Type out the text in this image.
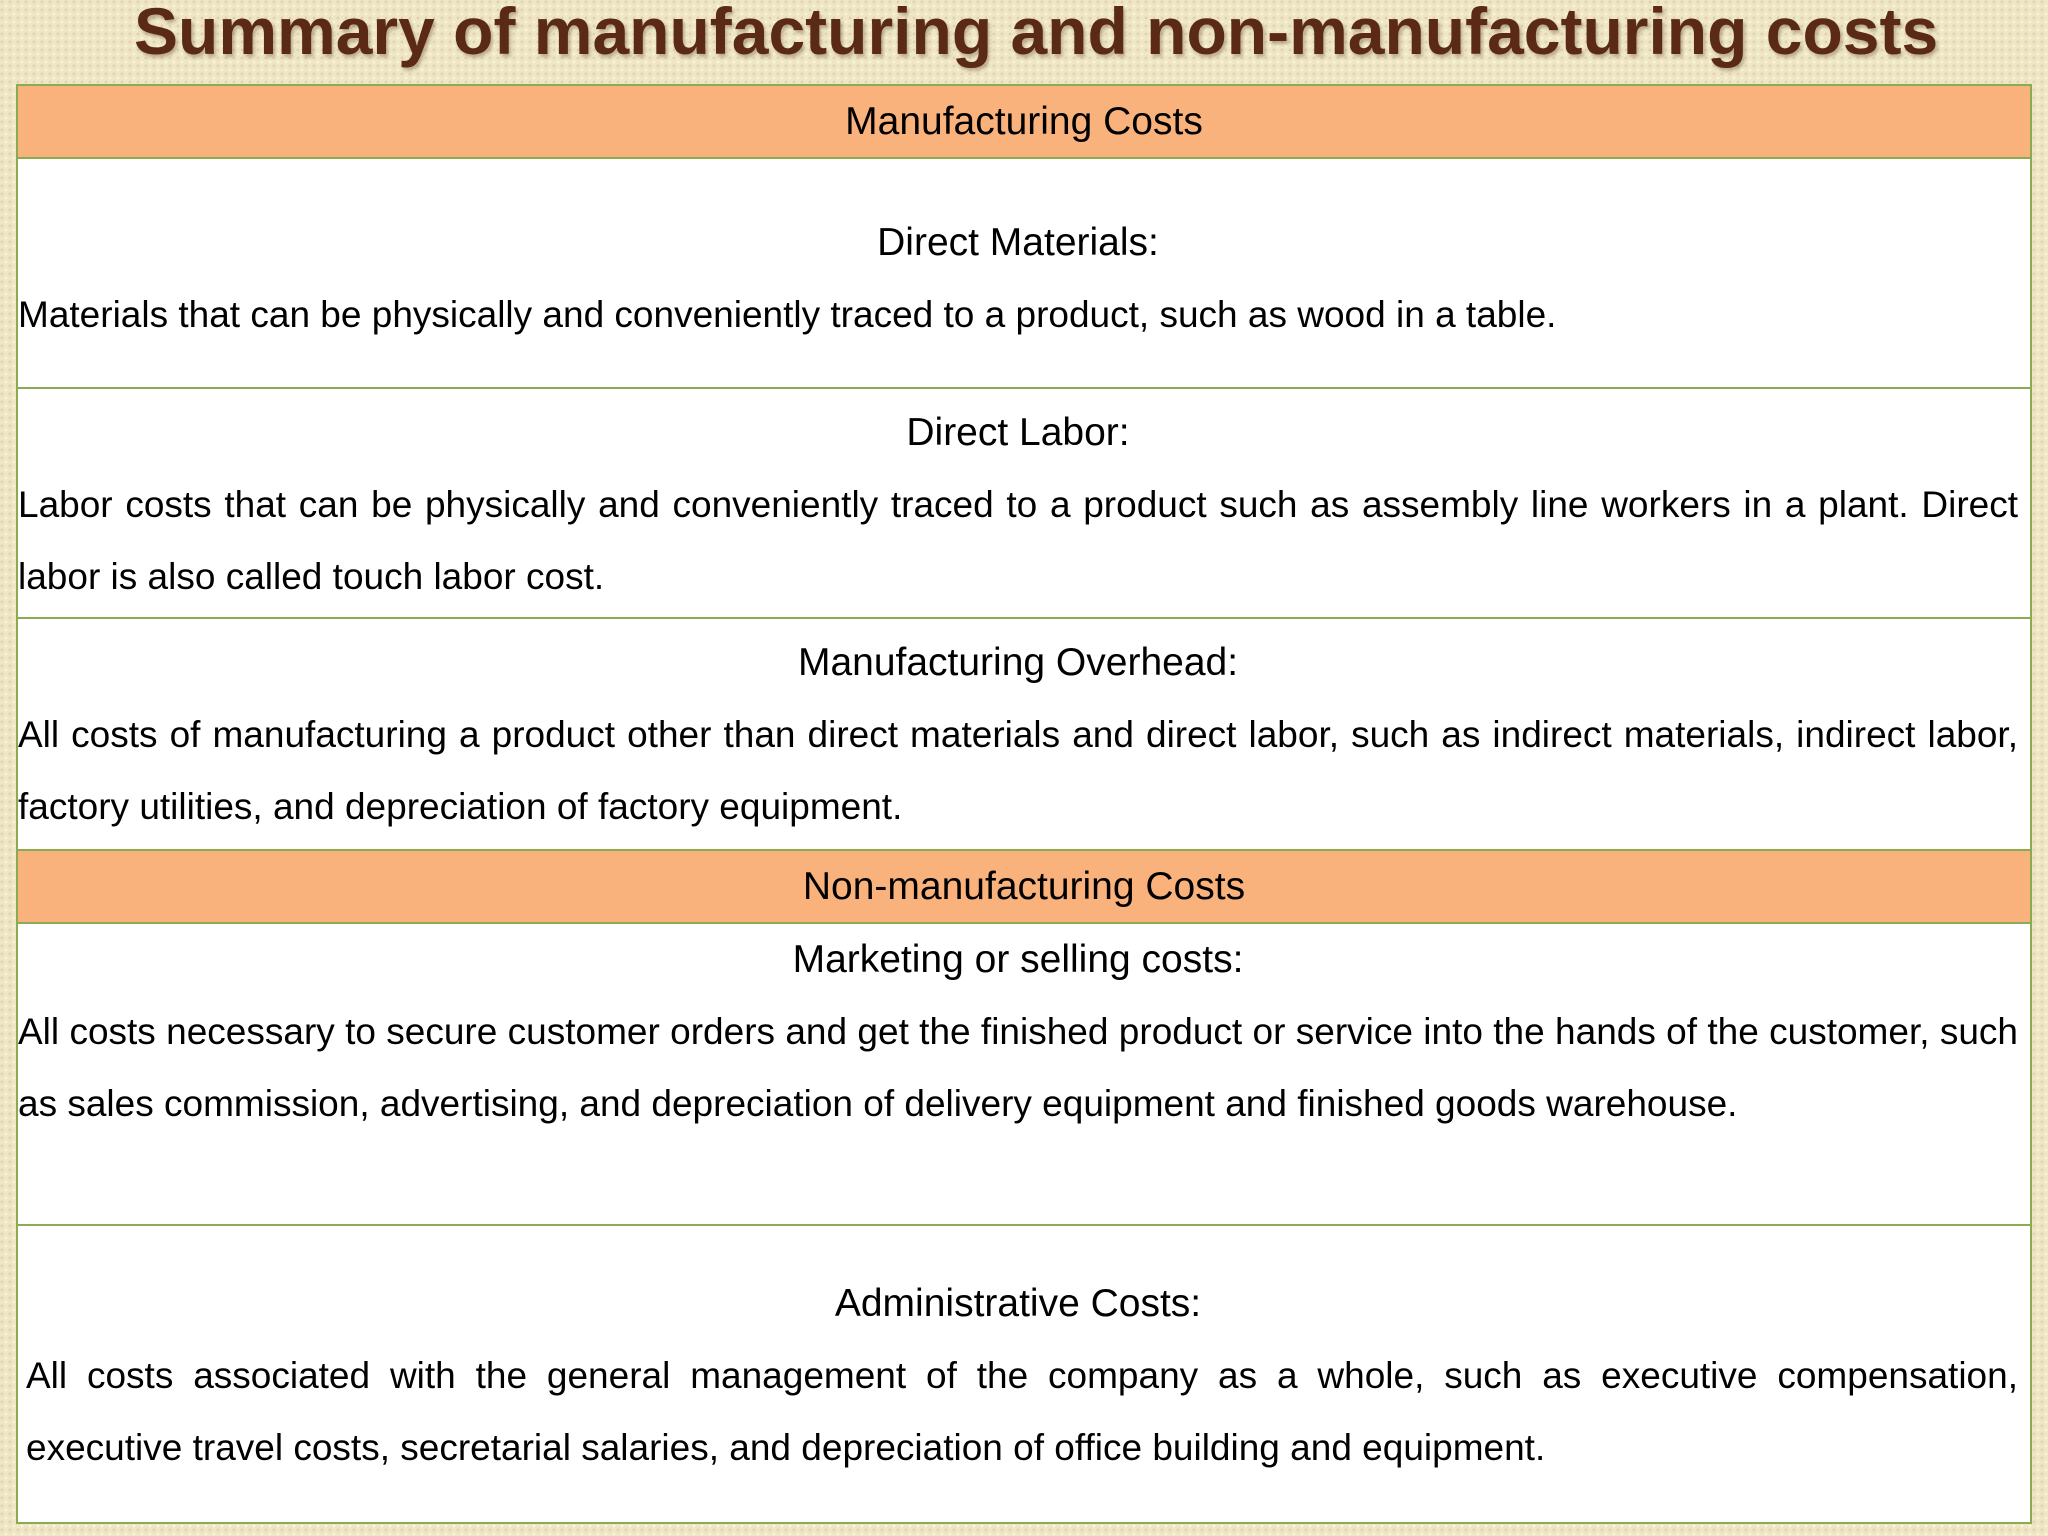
Summary of manufacturing and non-manufacturing costs
Manufacturing Costs
Direct Materials:
Materials that can be physically and conveniently traced to a product, such as wood in a table.
Direct Labor:
Labor costs that can be physically and conveniently traced to a product such as assembly line workers in a plant. Direct labor is also called touch labor cost.
Manufacturing Overhead:
All costs of manufacturing a product other than direct materials and direct labor, such as indirect materials, indirect labor, factory utilities, and depreciation of factory equipment.
Non-manufacturing Costs
Marketing or selling costs:
All costs necessary to secure customer orders and get the finished product or service into the hands of the customer, such as sales commission, advertising, and depreciation of delivery equipment and finished goods warehouse.
Administrative Costs:
All costs associated with the general management of the company as a whole, such as executive compensation, executive travel costs, secretarial salaries, and depreciation of office building and equipment.
